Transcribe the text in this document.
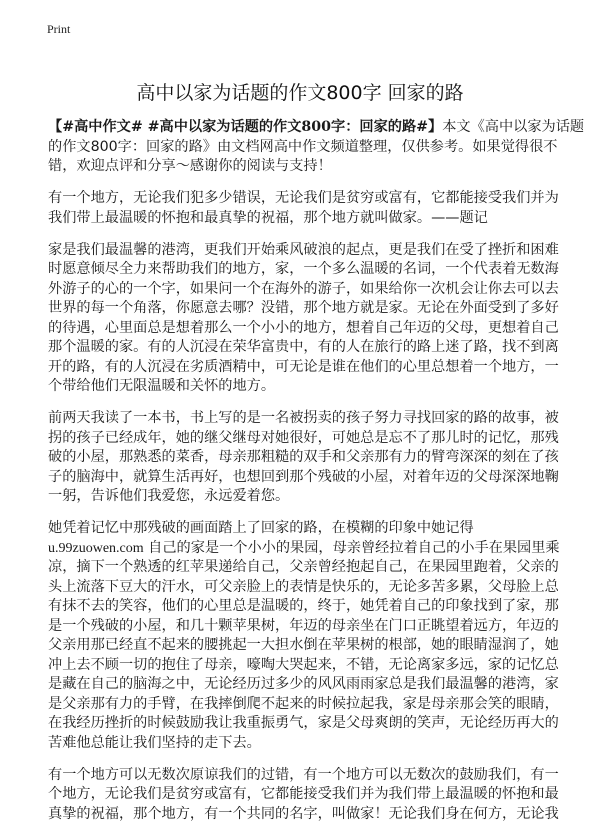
Print
高中以家为话题的作文800字 回家的路
【#高中作文# #高中以家为话题的作文800字：回家的路#】本文《高中以家为话题
的作文800字：回家的路》由文档网高中作文频道整理，仅供参考。如果觉得很不
错，欢迎点评和分享～感谢你的阅读与支持！
有一个地方，无论我们犯多少错误，无论我们是贫穷或富有，它都能接受我们并为
我们带上最温暖的怀抱和最真挚的祝福，那个地方就叫做家。——题记
家是我们最温馨的港湾，更我们开始乘风破浪的起点，更是我们在受了挫折和困难
时愿意倾尽全力来帮助我们的地方，家，一个多么温暖的名词，一个代表着无数海
外游子的心的一个字，如果问一个在海外的游子，如果给你一次机会让你去可以去
世界的每一个角落，你愿意去哪？没错，那个地方就是家。无论在外面受到了多好
的待遇，心里面总是想着那么一个小小的地方，想着自己年迈的父母，更想着自己
那个温暖的家。有的人沉浸在荣华富贵中，有的人在旅行的路上迷了路，找不到离
开的路，有的人沉浸在劣质酒精中，可无论是谁在他们的心里总想着一个地方，一
个带给他们无限温暖和关怀的地方。
前两天我读了一本书，书上写的是一名被拐卖的孩子努力寻找回家的路的故事，被
拐的孩子已经成年，她的继父继母对她很好，可她总是忘不了那儿时的记忆，那残
破的小屋，那熟悉的菜香，母亲那粗糙的双手和父亲那有力的臂弯深深的刻在了孩
子的脑海中，就算生活再好，也想回到那个残破的小屋，对着年迈的父母深深地鞠
一躬，告诉他们我爱您，永远爱着您。
她凭着记忆中那残破的画面踏上了回家的路，在模糊的印象中她记得
u.99zuowen.com 自己的家是一个小小的果园，母亲曾经拉着自己的小手在果园里乘
凉，摘下一个熟透的红苹果递给自己，父亲曾经抱起自己，在果园里跑着，父亲的
头上流落下豆大的汗水，可父亲脸上的表情是快乐的，无论多苦多累，父母脸上总
有抹不去的笑容，他们的心里总是温暖的，终于，她凭着自己的印象找到了家，那
是一个残破的小屋，和几十颗苹果树，年迈的母亲坐在门口正眺望着远方，年迈的
父亲用那已经直不起来的腰挑起一大担水倒在苹果树的根部，她的眼睛湿润了，她
冲上去不顾一切的抱住了母亲，嚎啕大哭起来，不错，无论离家多远，家的记忆总
是藏在自己的脑海之中，无论经历过多少的风风雨雨家总是我们最温馨的港湾，家
是父亲那有力的手臂，在我摔倒爬不起来的时候拉起我，家是母亲那会笑的眼睛，
在我经历挫折的时候鼓励我让我重振勇气，家是父母爽朗的笑声，无论经历再大的
苦难他总能让我们坚持的走下去。
有一个地方可以无数次原谅我们的过错，有一个地方可以无数次的鼓励我们，有一
个地方，无论我们是贫穷或富有，它都能接受我们并为我们带上最温暖的怀抱和最
真挚的祝福，那个地方，有一个共同的名字，叫做家！无论我们身在何方，无论我
